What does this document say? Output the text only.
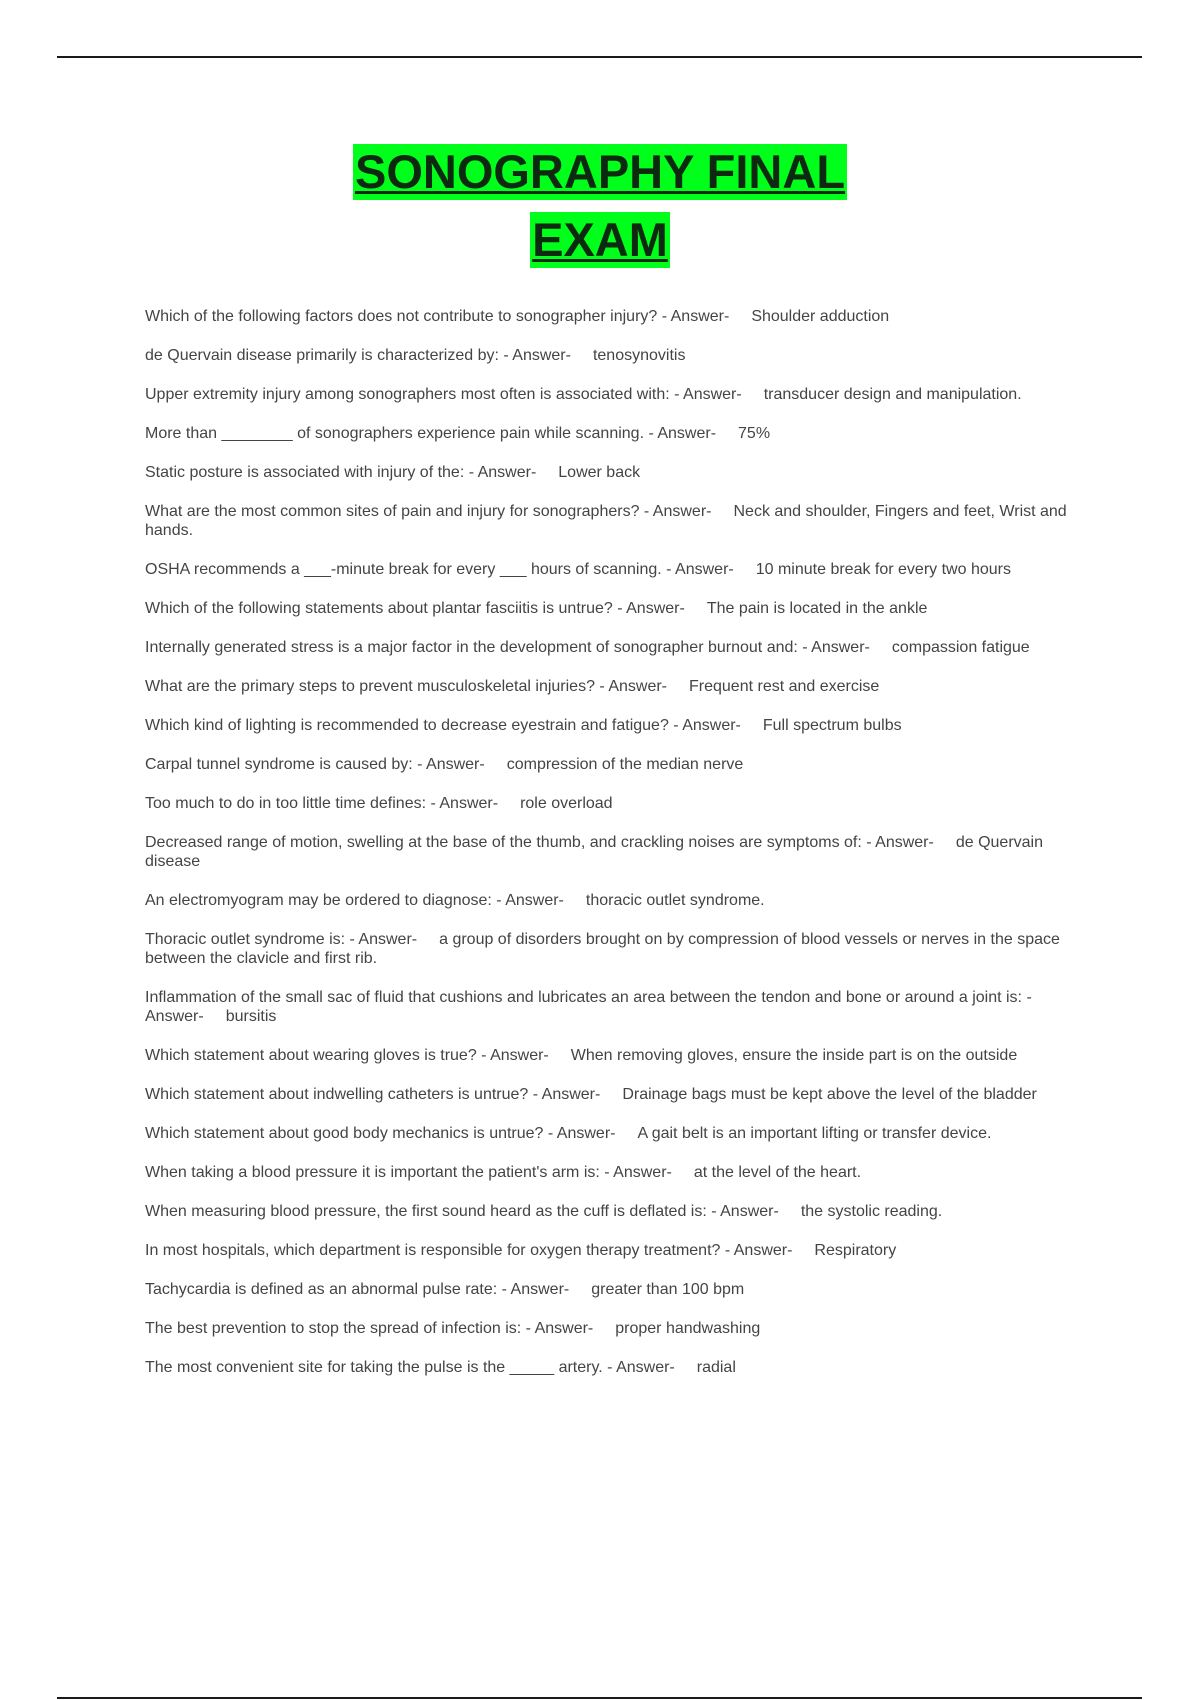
SONOGRAPHY FINAL
EXAM
Which of the following factors does not contribute to sonographer injury? - Answer- Shoulder adduction
de Quervain disease primarily is characterized by: - Answer- tenosynovitis
Upper extremity injury among sonographers most often is associated with: - Answer- transducer design and manipulation.
More than ________ of sonographers experience pain while scanning. - Answer- 75%
Static posture is associated with injury of the: - Answer- Lower back
What are the most common sites of pain and injury for sonographers? - Answer- Neck and shoulder, Fingers and feet, Wrist and hands.
OSHA recommends a ___-minute break for every ___ hours of scanning. - Answer- 10 minute break for every two hours
Which of the following statements about plantar fasciitis is untrue? - Answer- The pain is located in the ankle
Internally generated stress is a major factor in the development of sonographer burnout and: - Answer- compassion fatigue
What are the primary steps to prevent musculoskeletal injuries? - Answer- Frequent rest and exercise
Which kind of lighting is recommended to decrease eyestrain and fatigue? - Answer- Full spectrum bulbs
Carpal tunnel syndrome is caused by: - Answer- compression of the median nerve
Too much to do in too little time defines: - Answer- role overload
Decreased range of motion, swelling at the base of the thumb, and crackling noises are symptoms of: - Answer- de Quervain disease
An electromyogram may be ordered to diagnose: - Answer- thoracic outlet syndrome.
Thoracic outlet syndrome is: - Answer- a group of disorders brought on by compression of blood vessels or nerves in the space between the clavicle and first rib.
Inflammation of the small sac of fluid that cushions and lubricates an area between the tendon and bone or around a joint is: - Answer- bursitis
Which statement about wearing gloves is true? - Answer- When removing gloves, ensure the inside part is on the outside
Which statement about indwelling catheters is untrue? - Answer- Drainage bags must be kept above the level of the bladder
Which statement about good body mechanics is untrue? - Answer- A gait belt is an important lifting or transfer device.
When taking a blood pressure it is important the patient's arm is: - Answer- at the level of the heart.
When measuring blood pressure, the first sound heard as the cuff is deflated is: - Answer- the systolic reading.
In most hospitals, which department is responsible for oxygen therapy treatment? - Answer- Respiratory
Tachycardia is defined as an abnormal pulse rate: - Answer- greater than 100 bpm
The best prevention to stop the spread of infection is: - Answer- proper handwashing
The most convenient site for taking the pulse is the _____ artery. - Answer- radial
